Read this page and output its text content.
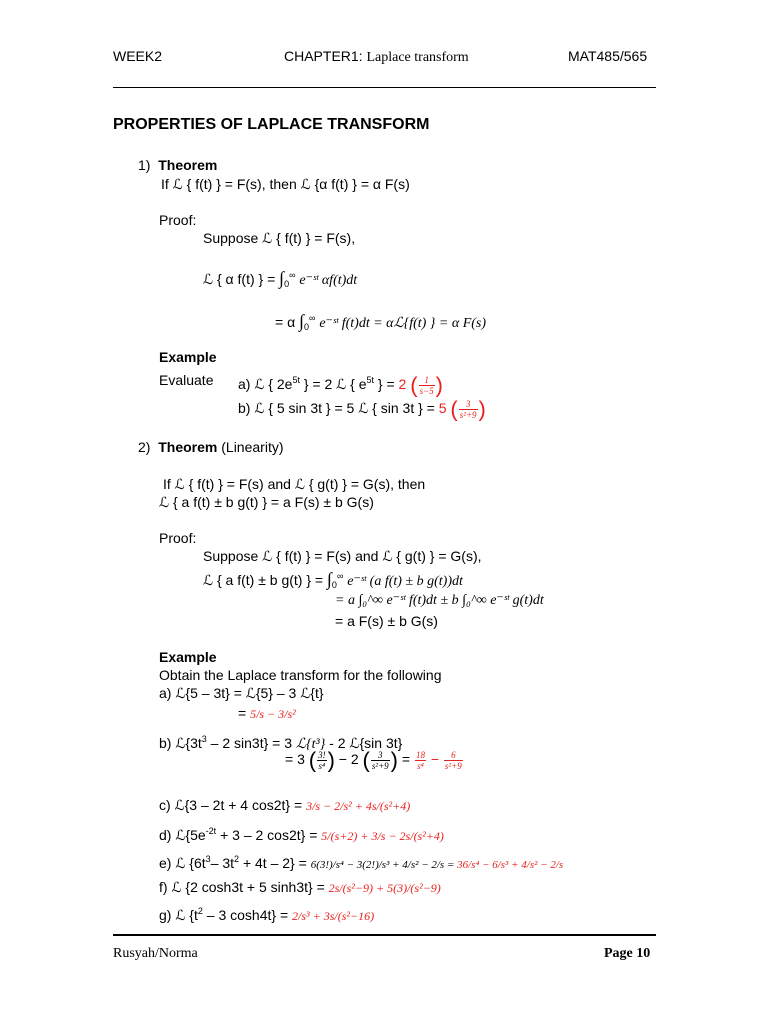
WEEK2	CHAPTER1: Laplace transform	MAT485/565
PROPERTIES OF LAPLACE TRANSFORM
1) Theorem
If ℒ { f(t) } = F(s), then ℒ {α f(t) } = α F(s)
Proof:
Suppose ℒ { f(t) } = F(s),
ℒ { α f(t) } = $\int_0^\infty$ e⁻ˢᵗ αf(t)dt
= α $\int_0^\infty$ e⁻ˢᵗ f(t)dt = αℒ{f(t) } = α F(s)
Example
Evaluate a) ℒ { $2e^{5t}$ } = 2 ℒ { $e^{5t}$ } = 2 ( $\frac{1}{s-5}$ )
b) ℒ { 5 sin 3t } = 5 ℒ { sin 3t } = 5 ( $\frac{3}{\text{s²+9}}$ )
2) Theorem (Linearity)
If ℒ { f(t) } = F(s) and ℒ { g(t) } = G(s), then
ℒ { a f(t) ± b g(t) } = a F(s) ± b G(s)
Proof:
Suppose ℒ { f(t) } = F(s) and ℒ { g(t) } = G(s),
ℒ { a f(t) ± b g(t) } = $\int_0^\infty$ e⁻ˢᵗ (a f(t) ± b g(t))dt
= a ∫₀^∞ e⁻ˢᵗ f(t)dt ± b ∫₀^∞ e⁻ˢᵗ g(t)dt
= a F(s) ± b G(s)
Example
Obtain the Laplace transform for the following
a) ℒ{5 – 3t} = ℒ{5} – 3 ℒ{t}
= 5/s − 3/s²
b) $ℒ\{3t^3 - 2$ sin3t} = 3 ℒ{t³} - 2 ℒ{sin 3t}
= 3 ( $\frac{3!}{\text{s⁴}}$ ) − 2 ( $\frac{3}{\text{s²+9}}$ ) = $\frac{18}{\text{s⁴}} - \frac{6}{\text{s²+9}}$
c) ℒ{3 – 2t + 4 cos2t} = 3/s − 2/s² + 4s/(s²+4)
d) $ℒ\{5e^{-2t} + 3 - 2$ cos2t} = 5/(s+2) + 3/s − 2s/(s²+4)
e) ℒ {$6t^3-$ $3t^2 + 4t - 2\} = 6(3!)/s^4 - 3(2!)/s^3 + 4/s^2 - 2/s = 36/s^4 - 6/s^3 + 4/s^2 - 2/s$
f) ℒ {2 cosh3t + 5 sinh3t} = 2s/(s²−9) + 5(3)/(s²−9)
g) ℒ {$t^2 - 3$ cosh4t} = 2/s³ + 3s/(s²−16)
Rusyah/Norma	Page 10
